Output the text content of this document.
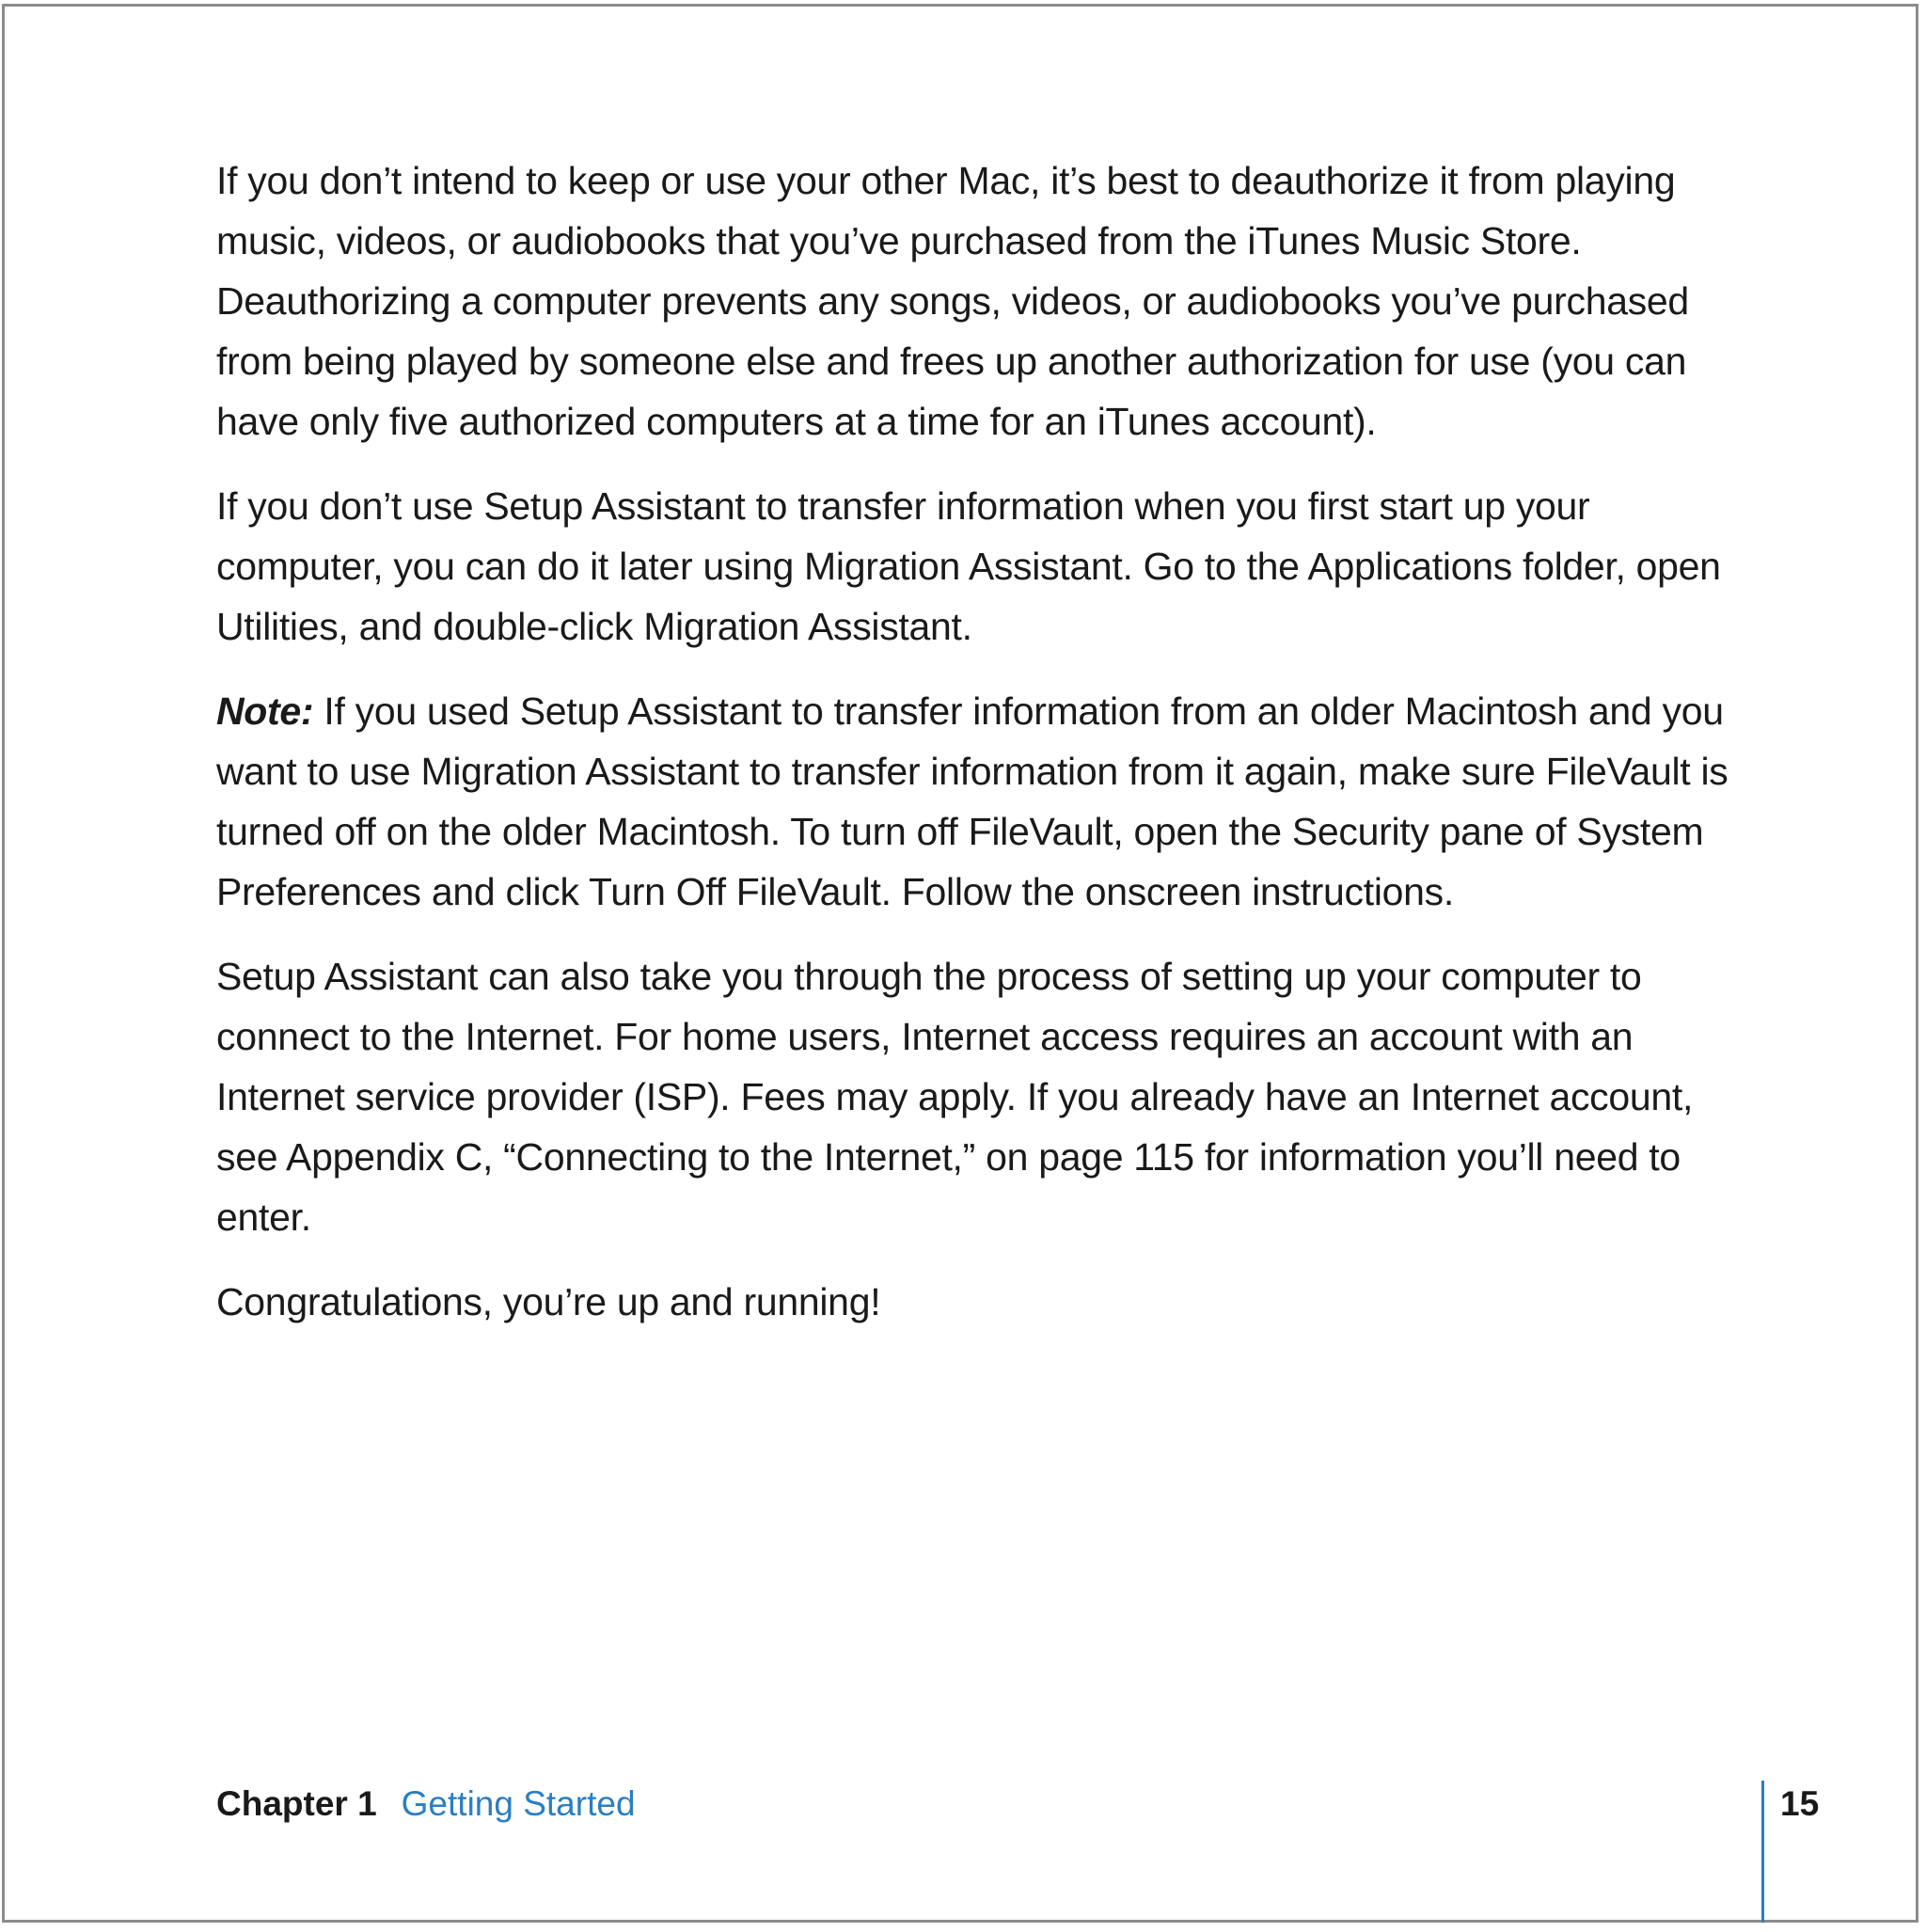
If you don’t intend to keep or use your other Mac, it’s best to deauthorize it from playing music, videos, or audiobooks that you’ve purchased from the iTunes Music Store. Deauthorizing a computer prevents any songs, videos, or audiobooks you’ve purchased from being played by someone else and frees up another authorization for use (you can have only five authorized computers at a time for an iTunes account).

If you don’t use Setup Assistant to transfer information when you first start up your computer, you can do it later using Migration Assistant. Go to the Applications folder, open Utilities, and double-click Migration Assistant.

Note: If you used Setup Assistant to transfer information from an older Macintosh and you want to use Migration Assistant to transfer information from it again, make sure FileVault is turned off on the older Macintosh. To turn off FileVault, open the Security pane of System Preferences and click Turn Off FileVault. Follow the onscreen instructions.

Setup Assistant can also take you through the process of setting up your computer to connect to the Internet. For home users, Internet access requires an account with an Internet service provider (ISP). Fees may apply. If you already have an Internet account, see Appendix C, “Connecting to the Internet,” on page 115 for information you’ll need to enter.

Congratulations, you’re up and running!

Chapter 1 Getting Started	15
